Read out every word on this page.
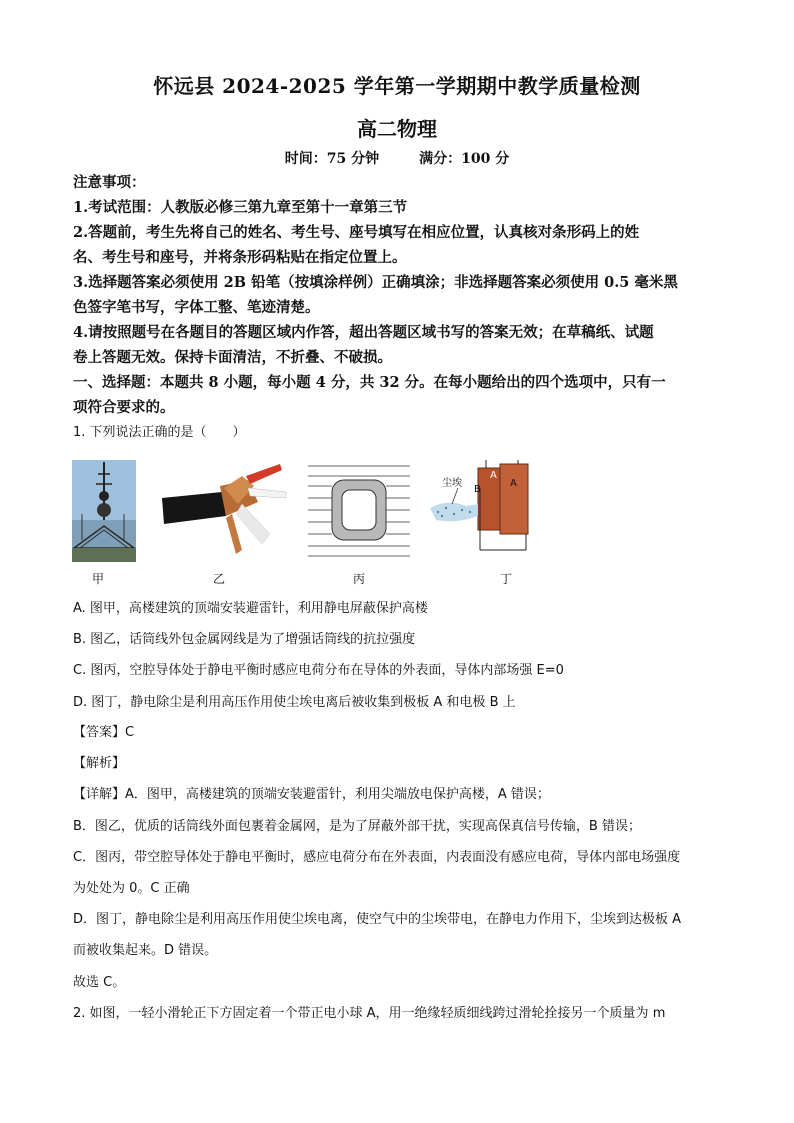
怀远县 2024-2025 学年第一学期期中教学质量检测
高二物理
时间：75 分钟	满分：100 分
注意事项：
1.考试范围：人教版必修三第九章至第十一章第三节
2.答题前，考生先将自己的姓名、考生号、座号填写在相应位置，认真核对条形码上的姓
名、考生号和座号，并将条形码粘贴在指定位置上。
3.选择题答案必须使用 2B 铅笔（按填涂样例）正确填涂；非选择题答案必须使用 0.5 毫米黑
色签字笔书写，字体工整、笔迹清楚。
4.请按照题号在各题目的答题区域内作答，超出答题区域书写的答案无效；在草稿纸、试题
卷上答题无效。保持卡面清洁，不折叠、不破损。
一、选择题：本题共 8 小题，每小题 4 分，共 32 分。在每小题给出的四个选项中，只有一
项符合要求的。
1. 下列说法正确的是（　　）
甲	乙	丙
尘埃
A
A
B
丁
A. 图甲，高楼建筑的顶端安装避雷针，利用静电屏蔽保护高楼
B. 图乙，话筒线外包金属网线是为了增强话筒线的抗拉强度
C. 图丙，空腔导体处于静电平衡时感应电荷分布在导体的外表面，导体内部场强 E=0
D. 图丁，静电除尘是利用高压作用使尘埃电离后被收集到极板 A 和电极 B 上
【答案】C
【解析】
【详解】A．图甲，高楼建筑的顶端安装避雷针，利用尖端放电保护高楼，A 错误；
B．图乙，优质的话筒线外面包裹着金属网，是为了屏蔽外部干扰，实现高保真信号传输，B 错误；
C．图丙，带空腔导体处于静电平衡时，感应电荷分布在外表面，内表面没有感应电荷，导体内部电场强度
为处处为 0。C 正确
D．图丁，静电除尘是利用高压作用使尘埃电离，使空气中的尘埃带电，在静电力作用下，尘埃到达极板 A
而被收集起来。D 错误。
故选 C。
2. 如图，一轻小滑轮正下方固定着一个带正电小球 A，用一绝缘轻质细线跨过滑轮拴接另一个质量为 m
